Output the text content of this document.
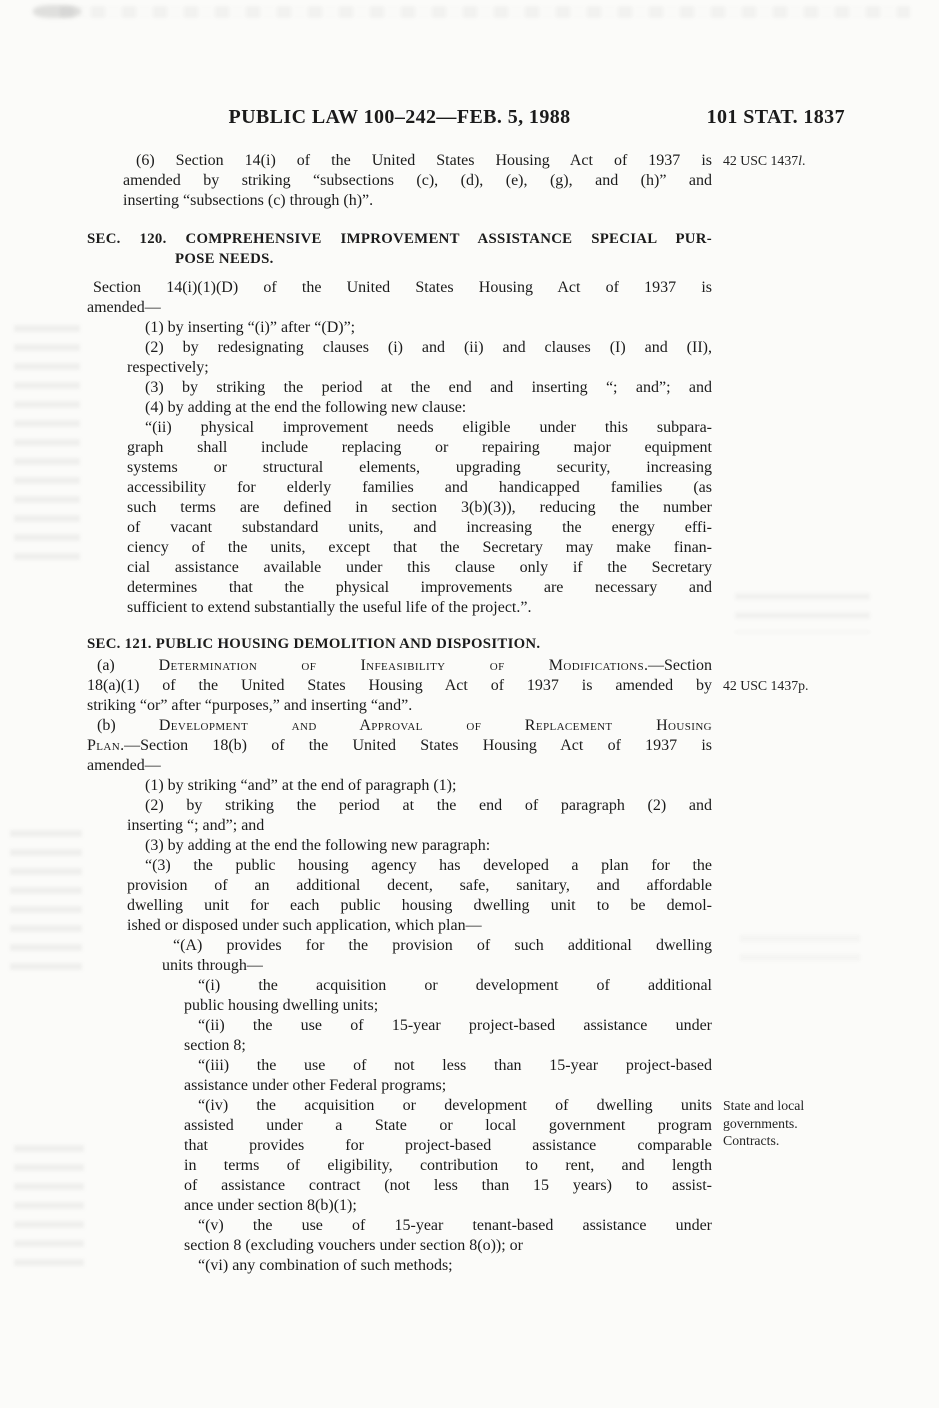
PUBLIC LAW 100–242—FEB. 5, 1988	101 STAT. 1837
(6) Section 14(i) of the United States Housing Act of 1937 is
amended by striking “subsections (c), (d), (e), (g), and (h)” and
inserting “subsections (c) through (h)”.
SEC. 120. COMPREHENSIVE IMPROVEMENT ASSISTANCE SPECIAL PUR-
POSE NEEDS.
Section 14(i)(1)(D) of the United States Housing Act of 1937 is
amended—
(1) by inserting “(i)” after “(D)”;
(2) by redesignating clauses (i) and (ii) and clauses (I) and (II),
respectively;
(3) by striking the period at the end and inserting “; and”; and
(4) by adding at the end the following new clause:
“(ii) physical improvement needs eligible under this subpara-
graph shall include replacing or repairing major equipment
systems or structural elements, upgrading security, increasing
accessibility for elderly families and handicapped families (as
such terms are defined in section 3(b)(3)), reducing the number
of vacant substandard units, and increasing the energy effi-
ciency of the units, except that the Secretary may make finan-
cial assistance available under this clause only if the Secretary
determines that the physical improvements are necessary and
sufficient to extend substantially the useful life of the project.”.
SEC. 121. PUBLIC HOUSING DEMOLITION AND DISPOSITION.
(a) Determination of Infeasibility of Modifications.—Section
18(a)(1) of the United States Housing Act of 1937 is amended by
striking “or” after “purposes,” and inserting “and”.
(b) Development and Approval of Replacement Housing
Plan.—Section 18(b) of the United States Housing Act of 1937 is
amended—
(1) by striking “and” at the end of paragraph (1);
(2) by striking the period at the end of paragraph (2) and
inserting “; and”; and
(3) by adding at the end the following new paragraph:
“(3) the public housing agency has developed a plan for the
provision of an additional decent, safe, sanitary, and affordable
dwelling unit for each public housing dwelling unit to be demol-
ished or disposed under such application, which plan—
“(A) provides for the provision of such additional dwelling
units through—
“(i) the acquisition or development of additional
public housing dwelling units;
“(ii) the use of 15-year project-based assistance under
section 8;
“(iii) the use of not less than 15-year project-based
assistance under other Federal programs;
“(iv) the acquisition or development of dwelling units
assisted under a State or local government program
that provides for project-based assistance comparable
in terms of eligibility, contribution to rent, and length
of assistance contract (not less than 15 years) to assist-
ance under section 8(b)(1);
“(v) the use of 15-year tenant-based assistance under
section 8 (excluding vouchers under section 8(o)); or
“(vi) any combination of such methods;
42 USC 1437l.
42 USC 1437p.
State and local
governments.
Contracts.
